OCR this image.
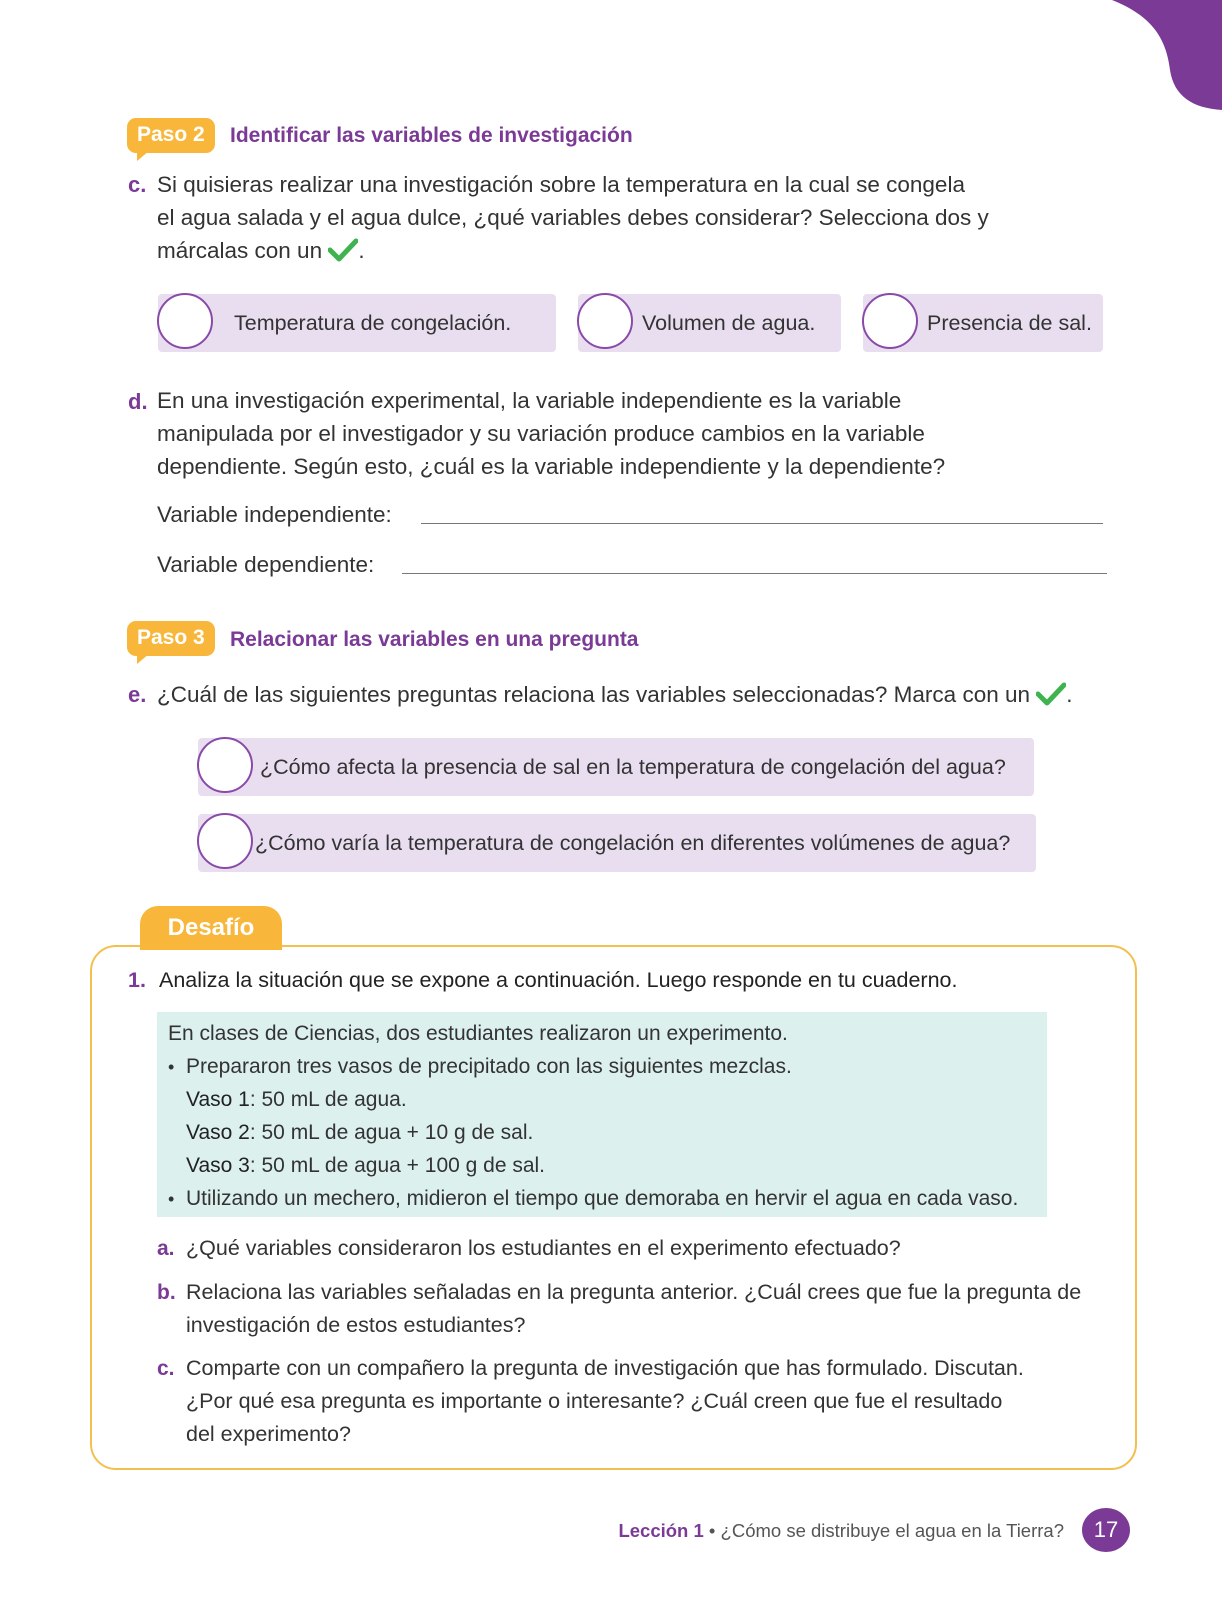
Paso 2	Identificar las variables de investigación
c. Si quisieras realizar una investigación sobre la temperatura en la cual se congela
el agua salada y el agua dulce, ¿qué variables debes considerar? Selecciona dos y
márcalas con un .
Temperatura de congelación.	Volumen de agua.	Presencia de sal.
d. En una investigación experimental, la variable independiente es la variable
manipulada por el investigador y su variación produce cambios en la variable
dependiente. Según esto, ¿cuál es la variable independiente y la dependiente?
Variable independiente:
Variable dependiente:
Paso 3	Relacionar las variables en una pregunta
e. ¿Cuál de las siguientes preguntas relaciona las variables seleccionadas? Marca con un .
¿Cómo afecta la presencia de sal en la temperatura de congelación del agua?
¿Cómo varía la temperatura de congelación en diferentes volúmenes de agua?
Desafío
1. Analiza la situación que se expone a continuación. Luego responde en tu cuaderno.
En clases de Ciencias, dos estudiantes realizaron un experimento.
• Prepararon tres vasos de precipitado con las siguientes mezclas.
Vaso 1: 50 mL de agua.
Vaso 2: 50 mL de agua + 10 g de sal.
Vaso 3: 50 mL de agua + 100 g de sal.
• Utilizando un mechero, midieron el tiempo que demoraba en hervir el agua en cada vaso.
a. ¿Qué variables consideraron los estudiantes en el experimento efectuado?
b. Relaciona las variables señaladas en la pregunta anterior. ¿Cuál crees que fue la pregunta de
investigación de estos estudiantes?
c. Comparte con un compañero la pregunta de investigación que has formulado. Discutan.
¿Por qué esa pregunta es importante o interesante? ¿Cuál creen que fue el resultado
del experimento?
Lección 1 • ¿Cómo se distribuye el agua en la Tierra?	17
